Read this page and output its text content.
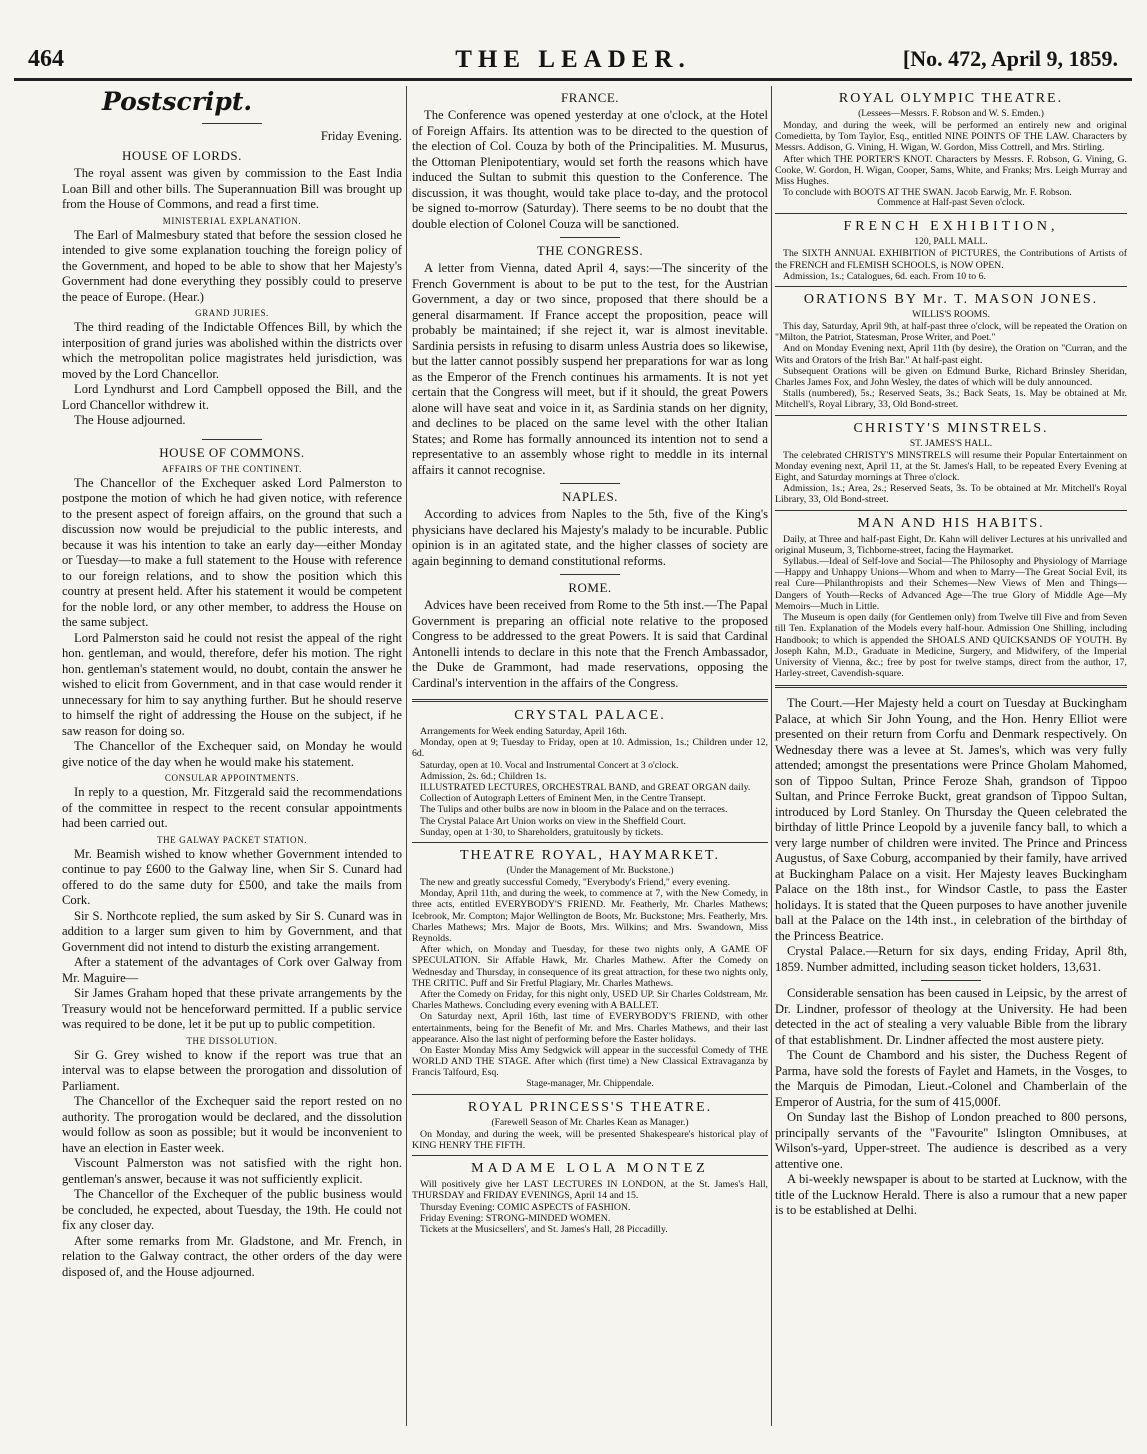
464	THE LEADER.	[No. 472, April 9, 1859.
Postscript.
Friday Evening.
HOUSE OF LORDS.

The royal assent was given by commission to the East India Loan Bill and other bills. The Superannuation Bill was brought up from the House of Commons, and read a first time.

MINISTERIAL EXPLANATION.

The Earl of Malmesbury stated that before the session closed he intended to give some explanation touching the foreign policy of the Government, and hoped to be able to show that her Majesty's Government had done everything they possibly could to preserve the peace of Europe. (Hear.)

GRAND JURIES.

The third reading of the Indictable Offences Bill, by which the interposition of grand juries was abolished within the districts over which the metropolitan police magistrates held jurisdiction, was moved by the Lord Chancellor.

Lord Lyndhurst and Lord Campbell opposed the Bill, and the Lord Chancellor withdrew it.

The House adjourned.

HOUSE OF COMMONS.
AFFAIRS OF THE CONTINENT.

The Chancellor of the Exchequer asked Lord Palmerston to postpone the motion of which he had given notice, with reference to the present aspect of foreign affairs, on the ground that such a discussion now would be prejudicial to the public interests, and because it was his intention to take an early day—either Monday or Tuesday—to make a full statement to the House with reference to our foreign relations, and to show the position which this country at present held. After his statement it would be competent for the noble lord, or any other member, to address the House on the same subject.

Lord Palmerston said he could not resist the appeal of the right hon. gentleman, and would, therefore, defer his motion. The right hon. gentleman's statement would, no doubt, contain the answer he wished to elicit from Government, and in that case would render it unnecessary for him to say anything further. But he should reserve to himself the right of addressing the House on the subject, if he saw reason for doing so.

The Chancellor of the Exchequer said, on Monday he would give notice of the day when he would make his statement.

CONSULAR APPOINTMENTS.

In reply to a question, Mr. Fitzgerald said the recommendations of the committee in respect to the recent consular appointments had been carried out.

THE GALWAY PACKET STATION.

Mr. Beamish wished to know whether Government intended to continue to pay £600 to the Galway line, when Sir S. Cunard had offered to do the same duty for £500, and take the mails from Cork.

Sir S. Northcote replied, the sum asked by Sir S. Cunard was in addition to a larger sum given to him by Government, and that Government did not intend to disturb the existing arrangement.

After a statement of the advantages of Cork over Galway from Mr. Maguire—

Sir James Graham hoped that these private arrangements by the Treasury would not be henceforward permitted. If a public service was required to be done, let it be put up to public competition.

THE DISSOLUTION.

Sir G. Grey wished to know if the report was true that an interval was to elapse between the prorogation and dissolution of Parliament.

The Chancellor of the Exchequer said the report rested on no authority. The prorogation would be declared, and the dissolution would follow as soon as possible; but it would be inconvenient to have an election in Easter week.

Viscount Palmerston was not satisfied with the right hon. gentleman's answer, because it was not sufficiently explicit.

The Chancellor of the Exchequer of the public business would be concluded, he expected, about Tuesday, the 19th. He could not fix any closer day.

After some remarks from Mr. Gladstone, and Mr. French, in relation to the Galway contract, the other orders of the day were disposed of, and the House adjourned.

FRANCE.

The Conference was opened yesterday at one o'clock, at the Hotel of Foreign Affairs. Its attention was to be directed to the question of the election of Col. Couza by both of the Principalities. M. Musurus, the Ottoman Plenipotentiary, would set forth the reasons which have induced the Sultan to submit this question to the Conference. The discussion, it was thought, would take place to-day, and the protocol be signed to-morrow (Saturday). There seems to be no doubt that the double election of Colonel Couza will be sanctioned.

THE CONGRESS.

A letter from Vienna, dated April 4, says:—The sincerity of the French Government is about to be put to the test, for the Austrian Government, a day or two since, proposed that there should be a general disarmament. If France accept the proposition, peace will probably be maintained; if she reject it, war is almost inevitable. Sardinia persists in refusing to disarm unless Austria does so likewise, but the latter cannot possibly suspend her preparations for war as long as the Emperor of the French continues his armaments. It is not yet certain that the Congress will meet, but if it should, the great Powers alone will have seat and voice in it, as Sardinia stands on her dignity, and declines to be placed on the same level with the other Italian States; and Rome has formally announced its intention not to send a representative to an assembly whose right to meddle in its internal affairs it cannot recognise.

NAPLES.

According to advices from Naples to the 5th, five of the King's physicians have declared his Majesty's malady to be incurable. Public opinion is in an agitated state, and the higher classes of society are again beginning to demand constitutional reforms.

ROME.

Advices have been received from Rome to the 5th inst.—The Papal Government is preparing an official note relative to the proposed Congress to be addressed to the great Powers. It is said that Cardinal Antonelli intends to declare in this note that the French Ambassador, the Duke de Grammont, had made reservations, opposing the Cardinal's intervention in the affairs of the Congress.

CRYSTAL PALACE.

Arrangements for Week ending Saturday, April 16th.

Monday, open at 9; Tuesday to Friday, open at 10. Admission, 1s.; Children under 12, 6d.

Saturday, open at 10. Vocal and Instrumental Concert at 3 o'clock.

Admission, 2s. 6d.; Children 1s.

ILLUSTRATED LECTURES, ORCHESTRAL BAND, and GREAT ORGAN daily.

Collection of Autograph Letters of Eminent Men, in the Centre Transept.

The Tulips and other bulbs are now in bloom in the Palace and on the terraces.

The Crystal Palace Art Union works on view in the Sheffield Court.

Sunday, open at 1·30, to Shareholders, gratuitously by tickets.

THEATRE ROYAL, HAYMARKET.
(Under the Management of Mr. Buckstone.)

The new and greatly successful Comedy, "Everybody's Friend," every evening.

Monday, April 11th, and during the week, to commence at 7, with the New Comedy, in three acts, entitled EVERYBODY'S FRIEND. Mr. Featherly, Mr. Charles Mathews; Icebrook, Mr. Compton; Major Wellington de Boots, Mr. Buckstone; Mrs. Featherly, Mrs. Charles Mathews; Mrs. Major de Boots, Mrs. Wilkins; and Mrs. Swandown, Miss Reynolds.

After which, on Monday and Tuesday, for these two nights only, A GAME OF SPECULATION. Sir Affable Hawk, Mr. Charles Mathew. After the Comedy on Wednesday and Thursday, in consequence of its great attraction, for these two nights only, THE CRITIC. Puff and Sir Fretful Plagiary, Mr. Charles Mathews.

After the Comedy on Friday, for this night only, USED UP. Sir Charles Coldstream, Mr. Charles Mathews. Concluding every evening with A BALLET.

On Saturday next, April 16th, last time of EVERYBODY'S FRIEND, with other entertainments, being for the Benefit of Mr. and Mrs. Charles Mathews, and their last appearance. Also the last night of performing before the Easter holidays.

On Easter Monday Miss Amy Sedgwick will appear in the successful Comedy of THE WORLD AND THE STAGE. After which (first time) a New Classical Extravaganza by Francis Talfourd, Esq.

Stage-manager, Mr. Chippendale.
ROYAL PRINCESS'S THEATRE.
(Farewell Season of Mr. Charles Kean as Manager.)

On Monday, and during the week, will be presented Shakespeare's historical play of KING HENRY THE FIFTH.

MADAME LOLA MONTEZ

Will positively give her LAST LECTURES IN LONDON, at the St. James's Hall, THURSDAY and FRIDAY EVENINGS, April 14 and 15.

Thursday Evening: COMIC ASPECTS of FASHION.

Friday Evening: STRONG-MINDED WOMEN.

Tickets at the Musicsellers', and St. James's Hall, 28 Piccadilly.

ROYAL OLYMPIC THEATRE.
(Lessees—Messrs. F. Robson and W. S. Emden.)

Monday, and during the week, will be performed an entirely new and original Comedietta, by Tom Taylor, Esq., entitled NINE POINTS OF THE LAW. Characters by Messrs. Addison, G. Vining, H. Wigan, W. Gordon, Miss Cottrell, and Mrs. Stirling.

After which THE PORTER'S KNOT. Characters by Messrs. F. Robson, G. Vining, G. Cooke, W. Gordon, H. Wigan, Cooper, Sams, White, and Franks; Mrs. Leigh Murray and Miss Hughes.

To conclude with BOOTS AT THE SWAN. Jacob Earwig, Mr. F. Robson.

Commence at Half-past Seven o'clock.
FRENCH EXHIBITION,
120, PALL MALL.

The SIXTH ANNUAL EXHIBITION of PICTURES, the Contributions of Artists of the FRENCH and FLEMISH SCHOOLS, is NOW OPEN.

Admission, 1s.; Catalogues, 6d. each. From 10 to 6.

ORATIONS BY Mr. T. MASON JONES.
WILLIS'S ROOMS.

This day, Saturday, April 9th, at half-past three o'clock, will be repeated the Oration on "Milton, the Patriot, Statesman, Prose Writer, and Poet."

And on Monday Evening next, April 11th (by desire), the Oration on "Curran, and the Wits and Orators of the Irish Bar." At half-past eight.

Subsequent Orations will be given on Edmund Burke, Richard Brinsley Sheridan, Charles James Fox, and John Wesley, the dates of which will be duly announced.

Stalls (numbered), 5s.; Reserved Seats, 3s.; Back Seats, 1s. May be obtained at Mr. Mitchell's, Royal Library, 33, Old Bond-street.

CHRISTY'S MINSTRELS.
ST. JAMES'S HALL.

The celebrated CHRISTY'S MINSTRELS will resume their Popular Entertainment on Monday evening next, April 11, at the St. James's Hall, to be repeated Every Evening at Eight, and Saturday mornings at Three o'clock.

Admission, 1s.; Area, 2s.; Reserved Seats, 3s. To be obtained at Mr. Mitchell's Royal Library, 33, Old Bond-street.

MAN AND HIS HABITS.

Daily, at Three and half-past Eight, Dr. Kahn will deliver Lectures at his unrivalled and original Museum, 3, Tichborne-street, facing the Haymarket.

Syllabus.—Ideal of Self-love and Social—The Philosophy and Physiology of Marriage—Happy and Unhappy Unions—Whom and when to Marry—The Great Social Evil, its real Cure—Philanthropists and their Schemes—New Views of Men and Things—Dangers of Youth—Recks of Advanced Age—The true Glory of Middle Age—My Memoirs—Much in Little.

The Museum is open daily (for Gentlemen only) from Twelve till Five and from Seven till Ten. Explanation of the Models every half-hour. Admission One Shilling, including Handbook; to which is appended the SHOALS AND QUICKSANDS OF YOUTH. By Joseph Kahn, M.D., Graduate in Medicine, Surgery, and Midwifery, of the Imperial University of Vienna, &c.; free by post for twelve stamps, direct from the author, 17, Harley-street, Cavendish-square.

The Court.—Her Majesty held a court on Tuesday at Buckingham Palace, at which Sir John Young, and the Hon. Henry Elliot were presented on their return from Corfu and Denmark respectively. On Wednesday there was a levee at St. James's, which was very fully attended; amongst the presentations were Prince Gholam Mahomed, son of Tippoo Sultan, Prince Feroze Shah, grandson of Tippoo Sultan, and Prince Ferroke Buckt, great grandson of Tippoo Sultan, introduced by Lord Stanley. On Thursday the Queen celebrated the birthday of little Prince Leopold by a juvenile fancy ball, to which a very large number of children were invited. The Prince and Princess Augustus, of Saxe Coburg, accompanied by their family, have arrived at Buckingham Palace on a visit. Her Majesty leaves Buckingham Palace on the 18th inst., for Windsor Castle, to pass the Easter holidays. It is stated that the Queen purposes to have another juvenile ball at the Palace on the 14th inst., in celebration of the birthday of the Princess Beatrice.

Crystal Palace.—Return for six days, ending Friday, April 8th, 1859. Number admitted, including season ticket holders, 13,631.

Considerable sensation has been caused in Leipsic, by the arrest of Dr. Lindner, professor of theology at the University. He had been detected in the act of stealing a very valuable Bible from the library of that establishment. Dr. Lindner affected the most austere piety.

The Count de Chambord and his sister, the Duchess Regent of Parma, have sold the forests of Faylet and Hamets, in the Vosges, to the Marquis de Pimodan, Lieut.-Colonel and Chamberlain of the Emperor of Austria, for the sum of 415,000f.

On Sunday last the Bishop of London preached to 800 persons, principally servants of the "Favourite" Islington Omnibuses, at Wilson's-yard, Upper-street. The audience is described as a very attentive one.

A bi-weekly newspaper is about to be started at Lucknow, with the title of the Lucknow Herald. There is also a rumour that a new paper is to be established at Delhi.
